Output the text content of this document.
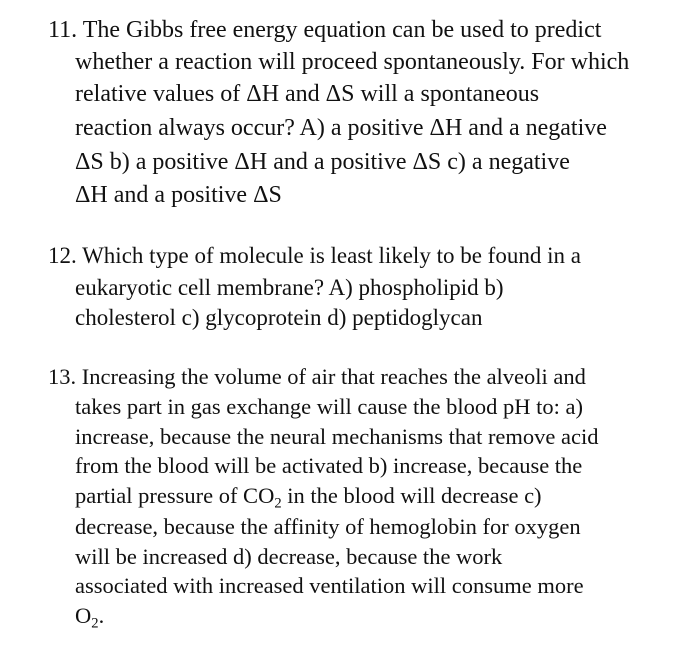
11. The Gibbs free energy equation can be used to predict
whether a reaction will proceed spontaneously. For which
relative values of ΔH and ΔS will a spontaneous
reaction always occur? A) a positive ΔH and a negative
ΔS b) a positive ΔH and a positive ΔS c) a negative
ΔH and a positive ΔS
12. Which type of molecule is least likely to be found in a
eukaryotic cell membrane? A) phospholipid b)
cholesterol c) glycoprotein d) peptidoglycan
13. Increasing the volume of air that reaches the alveoli and
takes part in gas exchange will cause the blood pH to: a)
increase, because the neural mechanisms that remove acid
from the blood will be activated b) increase, because the
partial pressure of $CO_2$ in the blood will decrease c)
decrease, because the affinity of hemoglobin for oxygen
will be increased d) decrease, because the work
associated with increased ventilation will consume more
$O_2$.
